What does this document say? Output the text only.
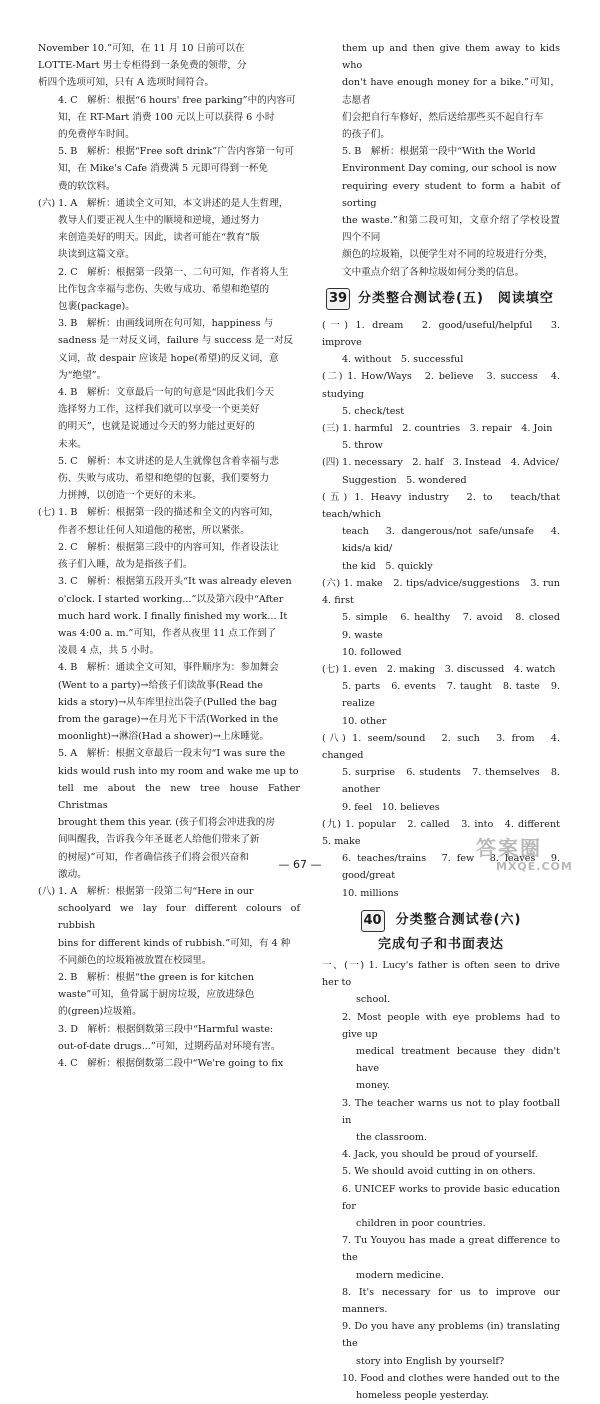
November 10.”可知，在 11 月 10 日前可以在

LOTTE-Mart 男士专柜得到一条免费的领带，分

析四个选项可知，只有 A 选项时间符合。

4. C　解析：根据“6 hours' free parking”中的内容可

知，在 RT-Mart 消费 100 元以上可以获得 6 小时

的免费停车时间。

5. B　解析：根据“Free soft drink”广告内容第一句可

知，在 Mike's Cafe 消费满 5 元即可得到一杯免

费的软饮料。

(六) 1. A　解析：通读全文可知，本文讲述的是人生哲理，

教导人们要正视人生中的顺境和逆境，通过努力

来创造美好的明天。因此，读者可能在“教育”版

块读到这篇文章。

2. C　解析：根据第一段第一、二句可知，作者将人生

比作包含幸福与悲伤、失败与成功、希望和绝望的

包裹(package)。

3. B　解析：由画线词所在句可知，happiness 与

sadness 是一对反义词，failure 与 success 是一对反

义词，故 despair 应该是 hope(希望)的反义词，意

为“绝望”。

4. B　解析：文章最后一句的句意是“因此我们今天

选择努力工作，这样我们就可以享受一个更美好

的明天”，也就是说通过今天的努力能过更好的

未来。

5. C　解析：本文讲述的是人生就像包含着幸福与悲

伤、失败与成功、希望和绝望的包裹，我们要努力

力拼搏，以创造一个更好的未来。

(七) 1. B　解析：根据第一段的描述和全文的内容可知，

作者不想让任何人知道他的秘密，所以紧张。

2. C　解析：根据第三段中的内容可知，作者设法让

孩子们入睡，故为是指孩子们。

3. C　解析：根据第五段开头“It was already eleven

o'clock. I started working...”以及第六段中“After

much hard work. I finally finished my work... It

was 4:00 a. m.”可知，作者从夜里 11 点工作到了

凌晨 4 点，共 5 小时。

4. B　解析：通读全文可知，事件顺序为：参加舞会

(Went to a party)→给孩子们读故事(Read the

kids a story)→从车库里拉出袋子(Pulled the bag

from the garage)→在月光下干活(Worked in the

moonlight)→淋浴(Had a shower)→上床睡觉。

5. A　解析：根据文章最后一段末句“I was sure the

kids would rush into my room and wake me up to

tell me about the new tree house Father Christmas

brought them this year. (孩子们将会冲进我的房

间叫醒我，告诉我今年圣诞老人给他们带来了新

的树屋)”可知，作者确信孩子们将会很兴奋和

激动。

(八) 1. A　解析：根据第一段第二句“Here in our

schoolyard we lay four different colours of rubbish

bins for different kinds of rubbish.”可知，有 4 种

不同颜色的垃圾箱被放置在校园里。

2. B　解析：根据“the green is for kitchen

waste”可知，鱼骨属于厨房垃圾，应放进绿色

的(green)垃圾箱。

3. D　解析：根据倒数第三段中“Harmful waste:

out-of-date drugs...”可知，过期药品对环境有害。

4. C　解析：根据倒数第二段中“We're going to fix

them up and then give them away to kids who

don't have enough money for a bike.”可知，志愿者

们会把自行车修好，然后送给那些买不起自行车

的孩子们。

5. B　解析：根据第一段中“With the World

Environment Day coming, our school is now

requiring every student to form a habit of sorting

the waste.”和第二段可知，文章介绍了学校设置四个不同

颜色的垃圾箱，以便学生对不同的垃圾进行分类，

文中重点介绍了各种垃圾如何分类的信息。

39 分类整合测试卷(五)　阅读填空

(一) 1. dream　2. good/useful/helpful　3. improve

4. without　5. successful

(二) 1. How/Ways　2. believe　3. success　4. studying

5. check/test

(三) 1. harmful　2. countries　3. repair　4. Join

5. throw

(四) 1. necessary　2. half　3. Instead　4. Advice/

Suggestion　5. wondered

(五) 1. Heavy industry　2. to　teach/that teach/which

teach　3. dangerous/not safe/unsafe　4. kids/a kid/

the kid　5. quickly

(六) 1. make　2. tips/advice/suggestions　3. run　4. first

5. simple　6. healthy　7. avoid　8. closed　9. waste

10. followed

(七) 1. even　2. making　3. discussed　4. watch

5. parts　6. events　7. taught　8. taste　9. realize

10. other

(八) 1. seem/sound　2. such　3. from　4. changed

5. surprise　6. students　7. themselves　8. another

9. feel　10. believes

(九) 1. popular　2. called　3. into　4. different　5. make

6. teaches/trains　7. few　8. leaves　9. good/great

10. millions

40 分类整合测试卷(六)
完成句子和书面表达

一、(一) 1. Lucy's father is often seen to drive her to

school.

2. Most people with eye problems had to give up

medical treatment because they didn't have

money.

3. The teacher warns us not to play football in

the classroom.

4. Jack, you should be proud of yourself.

5. We should avoid cutting in on others.

6. UNICEF works to provide basic education for

children in poor countries.

7. Tu Youyou has made a great difference to the

modern medicine.

8. It's necessary for us to improve our manners.

9. Do you have any problems (in) translating the

story into English by yourself?

10. Food and clothes were handed out to the

homeless people yesterday.

— 67 —
答案圈
MXQE.COM
